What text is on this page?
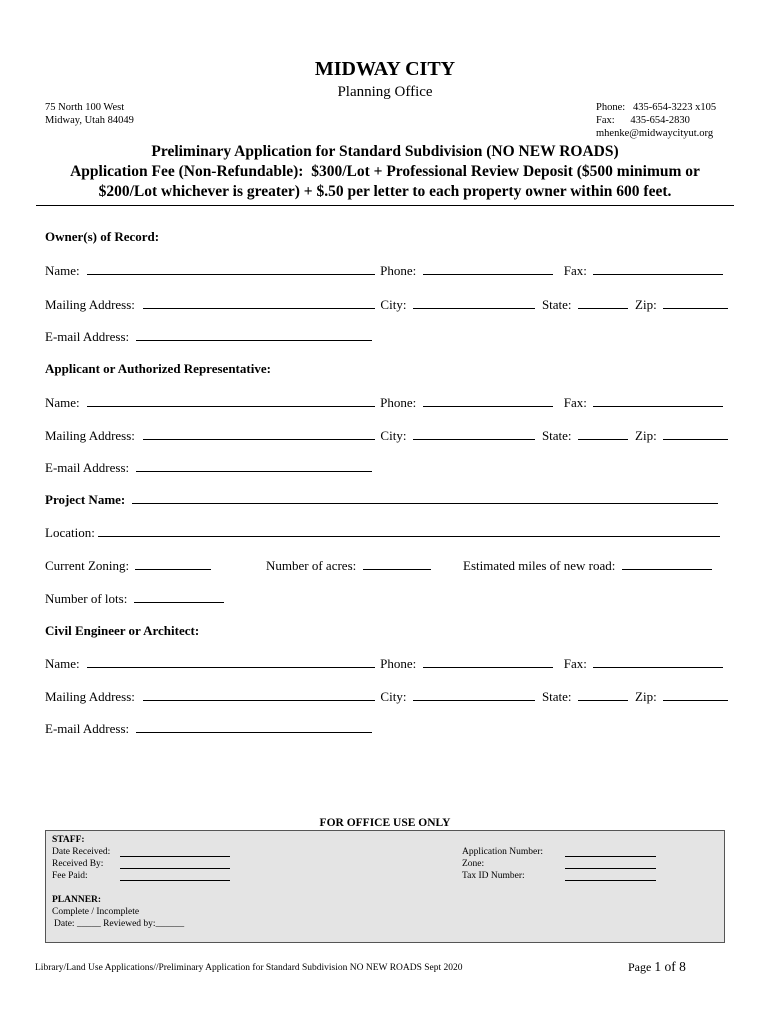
MIDWAY CITY
Planning Office
75 North 100 West
Midway, Utah 84049
Phone:   435-654-3223 x105
Fax:      435-654-2830
mhenke@midwaycityut.org
Preliminary Application for Standard Subdivision (NO NEW ROADS)
Application Fee (Non-Refundable):  $300/Lot + Professional Review Deposit ($500 minimum or
$200/Lot whichever is greater) + $.50 per letter to each property owner within 600 feet.
Owner(s) of Record:
Name:	Phone:	Fax:
Mailing Address:	City:	State:	Zip:
E-mail Address:
Applicant or Authorized Representative:
Name:	Phone:	Fax:
Mailing Address:	City:	State:	Zip:
E-mail Address:
Project Name:
Location:
Current Zoning:	Number of acres:	Estimated miles of new road:
Number of lots:
Civil Engineer or Architect:
Name:	Phone:	Fax:
Mailing Address:	City:	State:	Zip:
E-mail Address:
FOR OFFICE USE ONLY
STAFF:
Date Received:
Received By:
Fee Paid:
Application Number:
Zone:
Tax ID Number:
PLANNER:
Complete / Incomplete
Date: _____ Reviewed by:______
Library/Land Use Applications//Preliminary Application for Standard Subdivision NO NEW ROADS Sept 2020	Page 1 of 8
